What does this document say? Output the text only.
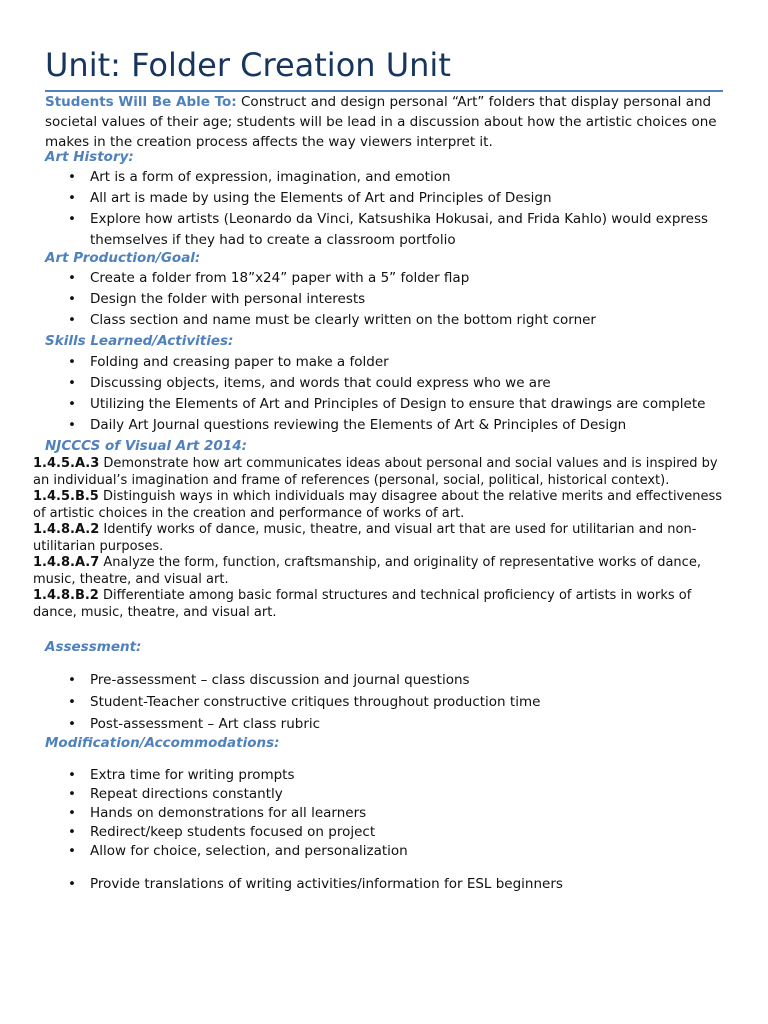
Unit: Folder Creation Unit
Students Will Be Able To: Construct and design personal “Art” folders that display personal and societal values of their age; students will be lead in a discussion about how the artistic choices one makes in the creation process affects the way viewers interpret it.
Art History:
• Art is a form of expression, imagination, and emotion
• All art is made by using the Elements of Art and Principles of Design
• Explore how artists (Leonardo da Vinci, Katsushika Hokusai, and Frida Kahlo) would express themselves if they had to create a classroom portfolio
Art Production/Goal:
• Create a folder from 18”x24” paper with a 5” folder flap
• Design the folder with personal interests
• Class section and name must be clearly written on the bottom right corner
Skills Learned/Activities:
• Folding and creasing paper to make a folder
• Discussing objects, items, and words that could express who we are
• Utilizing the Elements of Art and Principles of Design to ensure that drawings are complete
• Daily Art Journal questions reviewing the Elements of Art & Principles of Design
NJCCCS of Visual Art 2014:

1.4.5.A.3 Demonstrate how art communicates ideas about personal and social values and is inspired by an individual’s imagination and frame of references (personal, social, political, historical context).

1.4.5.B.5 Distinguish ways in which individuals may disagree about the relative merits and effectiveness of artistic choices in the creation and performance of works of art.

1.4.8.A.2 Identify works of dance, music, theatre, and visual art that are used for utilitarian and non-utilitarian purposes.

1.4.8.A.7 Analyze the form, function, craftsmanship, and originality of representative works of dance, music, theatre, and visual art.

1.4.8.B.2 Differentiate among basic formal structures and technical proficiency of artists in works of dance, music, theatre, and visual art.

Assessment:
• Pre-assessment – class discussion and journal questions
• Student-Teacher constructive critiques throughout production time
• Post-assessment – Art class rubric
Modification/Accommodations:
• Extra time for writing prompts
• Repeat directions constantly
• Hands on demonstrations for all learners
• Redirect/keep students focused on project
• Allow for choice, selection, and personalization
• Provide translations of writing activities/information for ESL beginners
